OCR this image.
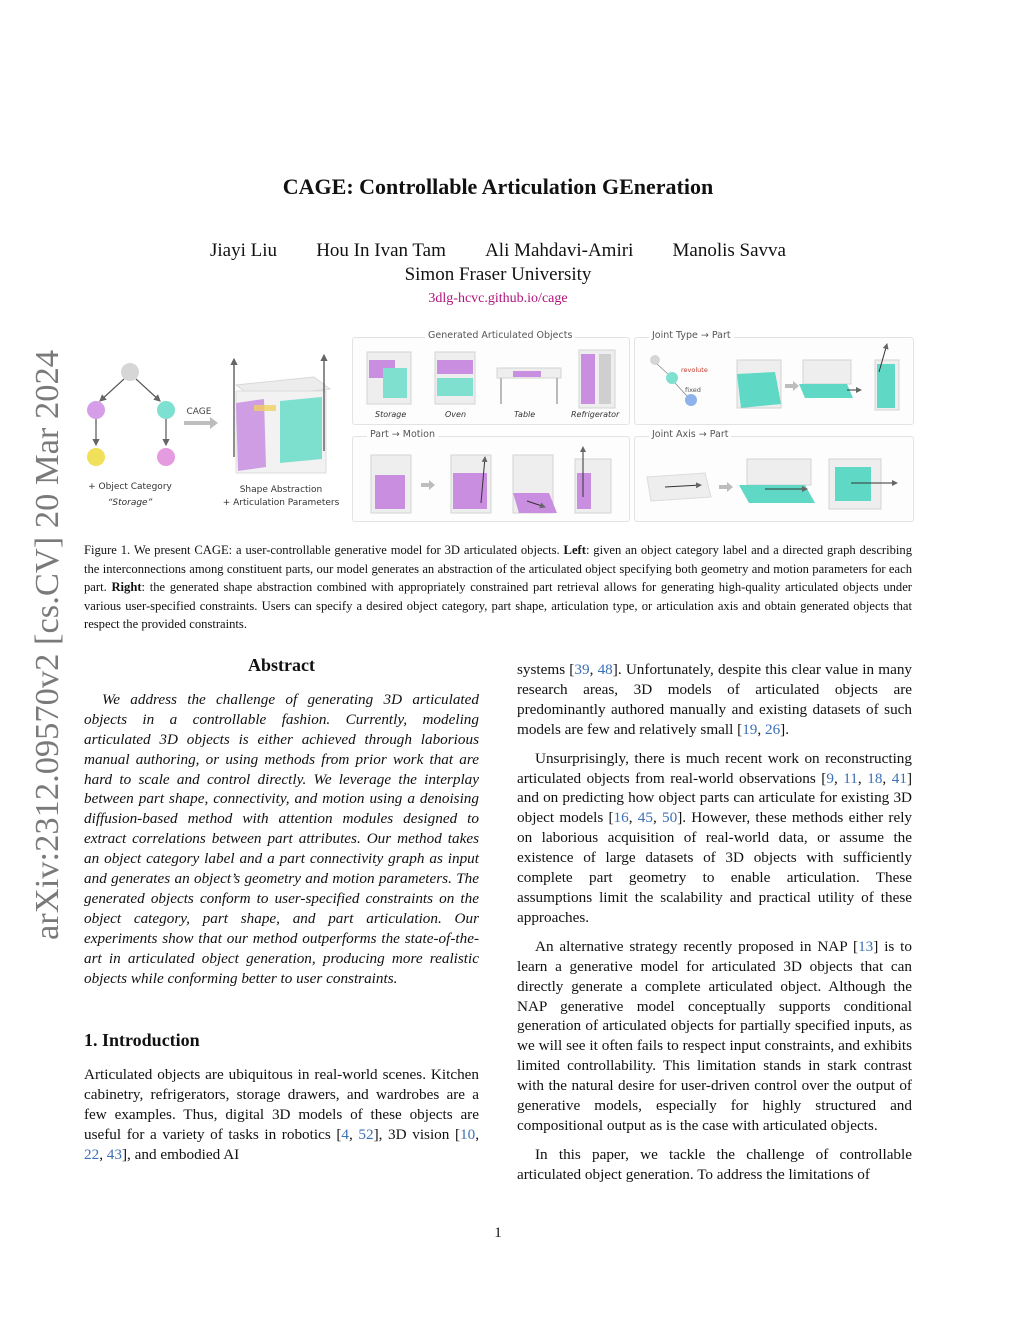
arXiv:2312.09570v2 [cs.CV] 20 Mar 2024
CAGE: Controllable Articulation GEneration
Jiayi Liu Hou In Ivan Tam Ali Mahdavi-Amiri Manolis Savva
Simon Fraser University
3dlg-hcvc.github.io/cage
+ Object Category
“Storage”
CAGE
Shape Abstraction
+ Articulation Parameters
Generated Articulated Objects
Storage	Oven	Table	Refrigerator
Joint Type → Part
revolute
fixed
Part → Motion	Joint Axis → Part
Figure 1. We present CAGE: a user-controllable generative model for 3D articulated objects. Left: given an object category label and a directed graph describing the interconnections among constituent parts, our model generates an abstraction of the articulated object specifying both geometry and motion parameters for each part. Right: the generated shape abstraction combined with appropriately constrained part retrieval allows for generating high-quality articulated objects under various user-specified constraints. Users can specify a desired object category, part shape, articulation type, or articulation axis and obtain generated objects that respect the provided constraints.
Abstract

We address the challenge of generating 3D articulated objects in a controllable fashion. Currently, modeling articulated 3D objects is either achieved through laborious manual authoring, or using methods from prior work that are hard to scale and control directly. We leverage the interplay between part shape, connectivity, and motion using a denoising diffusion-based method with attention modules designed to extract correlations between part attributes. Our method takes an object category label and a part connectivity graph as input and generates an object’s geometry and motion parameters. The generated objects conform to user-specified constraints on the object category, part shape, and part articulation. Our experiments show that our method outperforms the state-of-the-art in articulated object generation, producing more realistic objects while conforming better to user constraints.

1. Introduction

Articulated objects are ubiquitous in real-world scenes. Kitchen cabinetry, refrigerators, storage drawers, and wardrobes are a few examples. Thus, digital 3D models of these objects are useful for a variety of tasks in robotics [4, 52], 3D vision [10, 22, 43], and embodied AI

systems [39, 48]. Unfortunately, despite this clear value in many research areas, 3D models of articulated objects are predominantly authored manually and existing datasets of such models are few and relatively small [19, 26].

Unsurprisingly, there is much recent work on reconstructing articulated objects from real-world observations [9, 11, 18, 41] and on predicting how object parts can articulate for existing 3D object models [16, 45, 50]. However, these methods either rely on laborious acquisition of real-world data, or assume the existence of large datasets of 3D objects with sufficiently complete part geometry to enable articulation. These assumptions limit the scalability and practical utility of these approaches.

An alternative strategy recently proposed in NAP [13] is to learn a generative model for articulated 3D objects that can directly generate a complete articulated object. Although the NAP generative model conceptually supports conditional generation of articulated objects for partially specified inputs, as we will see it often fails to respect input constraints, and exhibits limited controllability. This limitation stands in stark contrast with the natural desire for user-driven control over the output of generative models, especially for highly structured and compositional output as is the case with articulated objects.

In this paper, we tackle the challenge of controllable articulated object generation. To address the limitations of

1
